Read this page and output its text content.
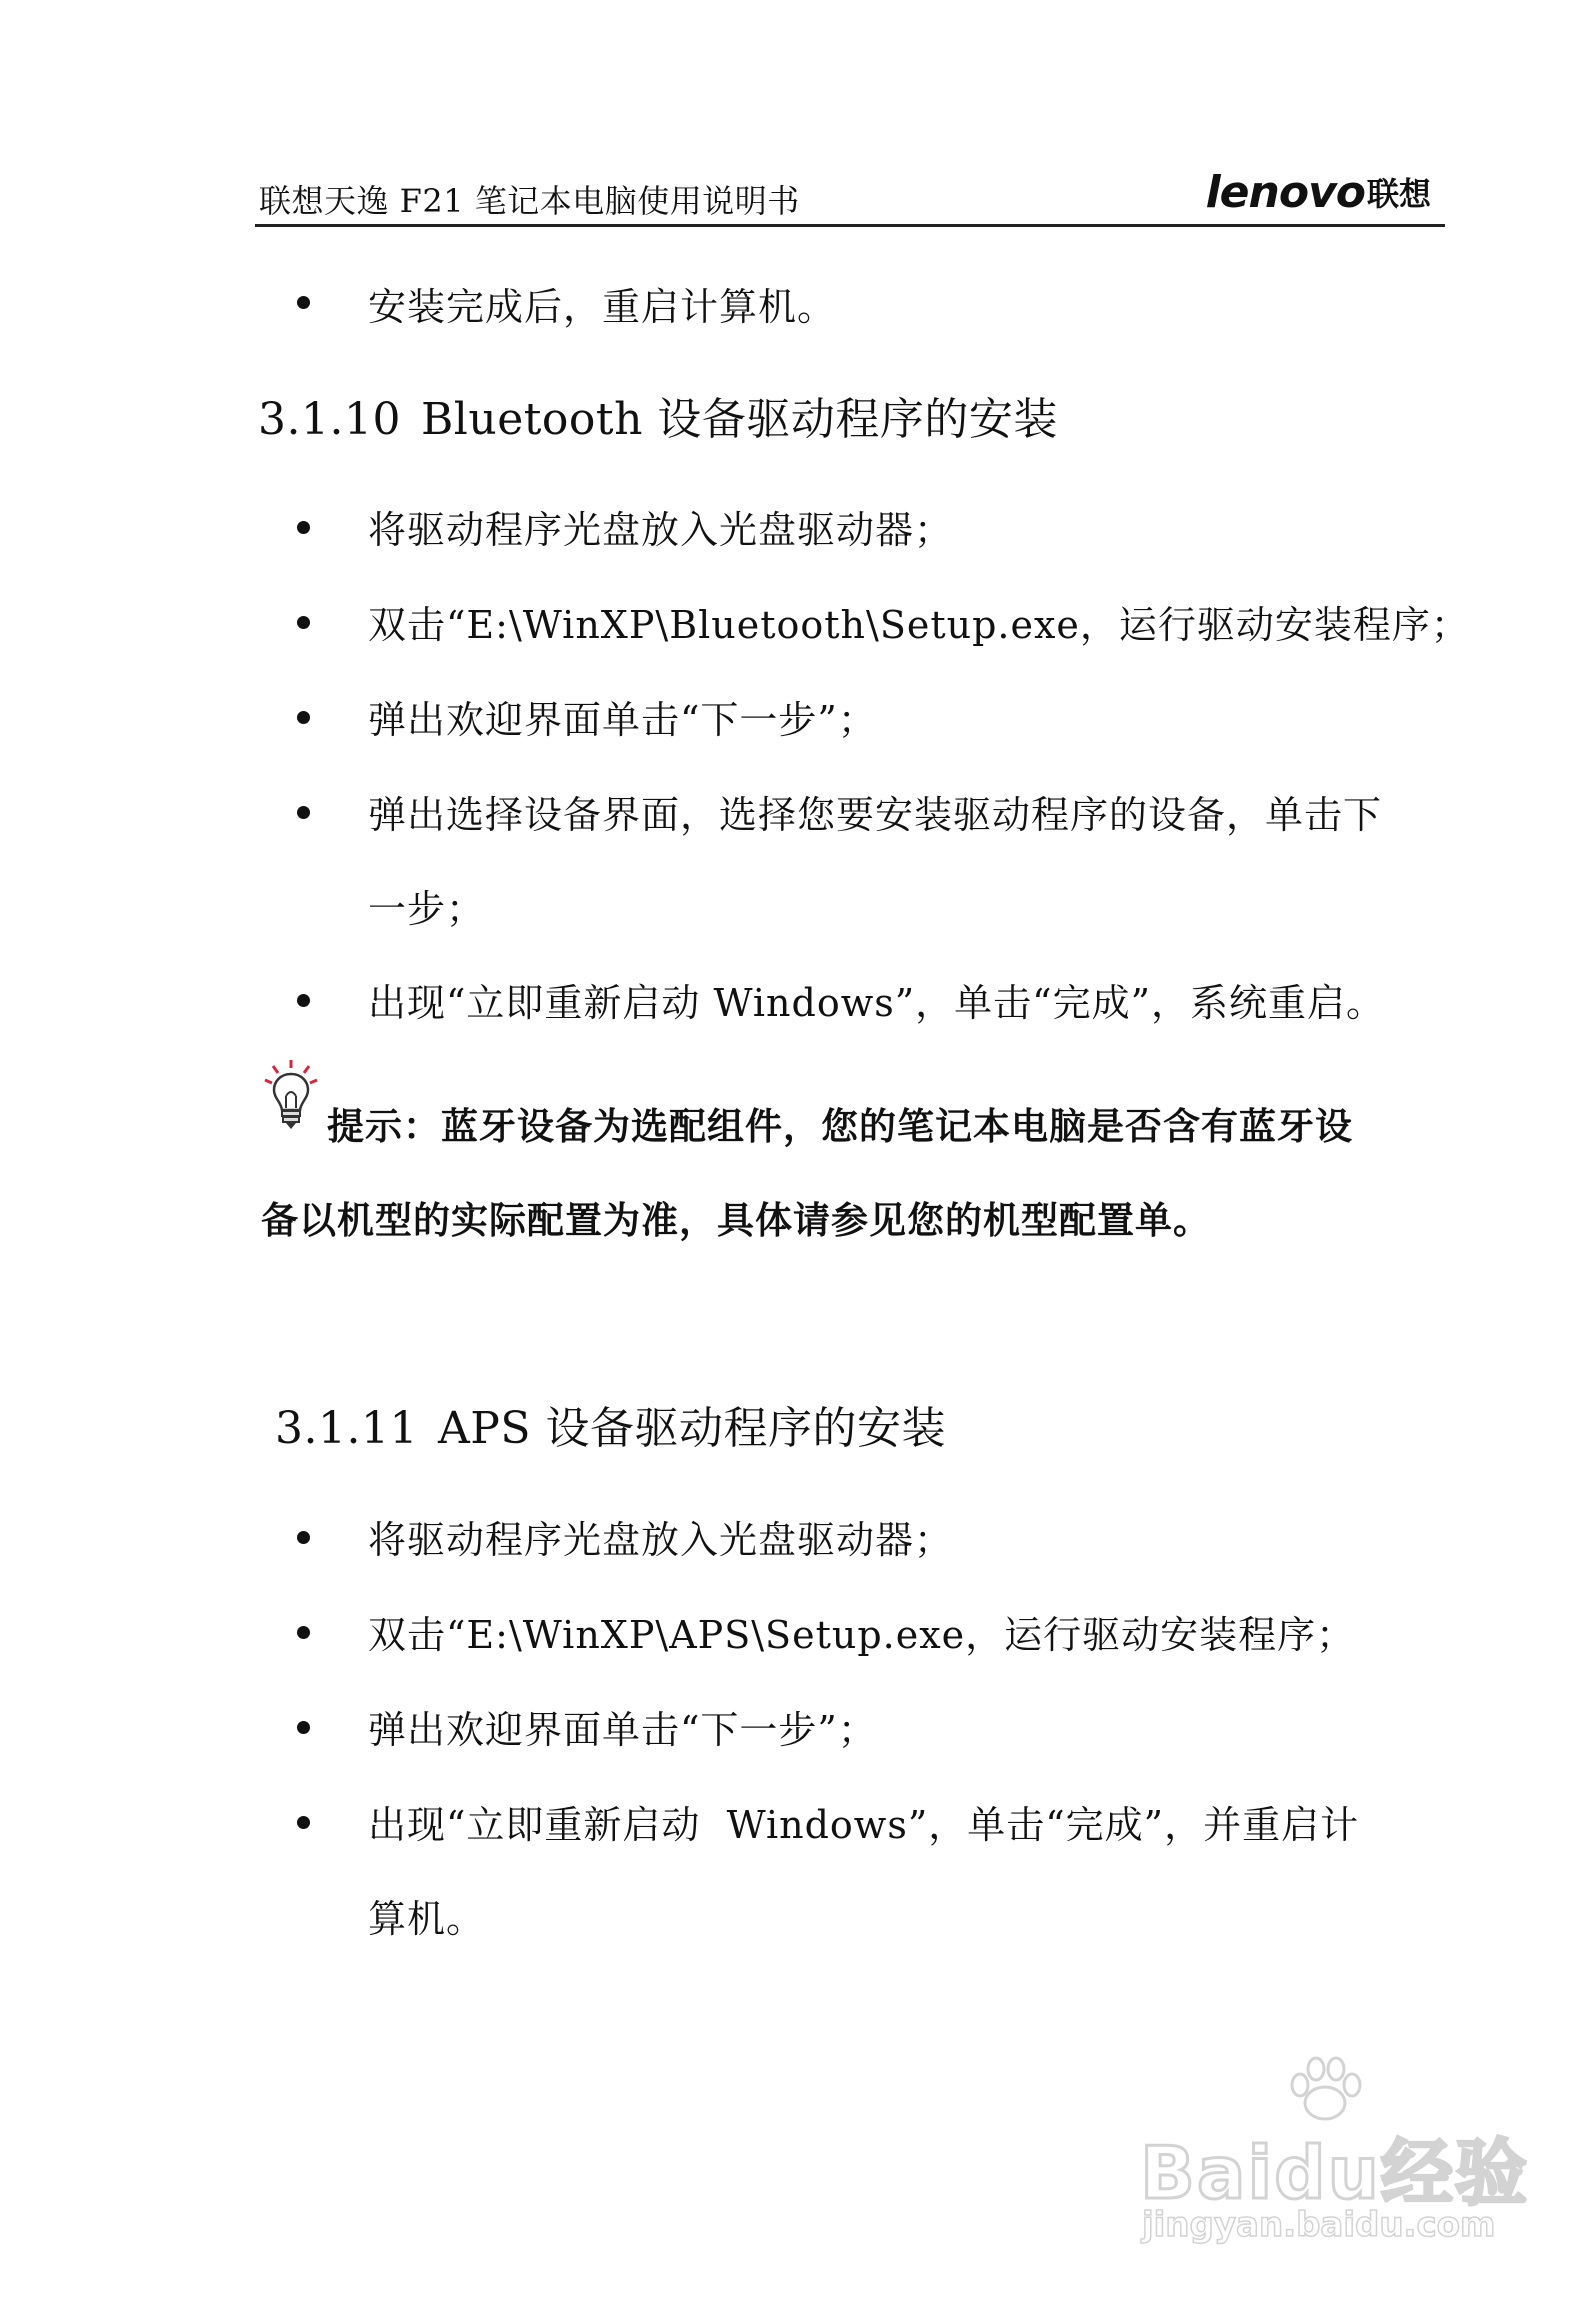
联想天逸 F21 笔记本电脑使用说明书	lenovo 联想
安装完成后，重启计算机。
3.1.10 Bluetooth 设备驱动程序的安装
将驱动程序光盘放入光盘驱动器；
双击“E:\WinXP\Bluetooth\Setup.exe，运行驱动安装程序；
弹出欢迎界面单击“下一步”；
弹出选择设备界面，选择您要安装驱动程序的设备，单击下
一步；
出现“立即重新启动 Windows”，单击“完成”，系统重启。
提示：蓝牙设备为选配组件，您的笔记本电脑是否含有蓝牙设
备以机型的实际配置为准，具体请参见您的机型配置单。
3.1.11 APS 设备驱动程序的安装
将驱动程序光盘放入光盘驱动器；
双击“E:\WinXP\APS\Setup.exe，运行驱动安装程序；
弹出欢迎界面单击“下一步”；
出现“立即重新启动  Windows”，单击“完成”，并重启计
算机。
Baidu经验
jingyan.baidu.com
